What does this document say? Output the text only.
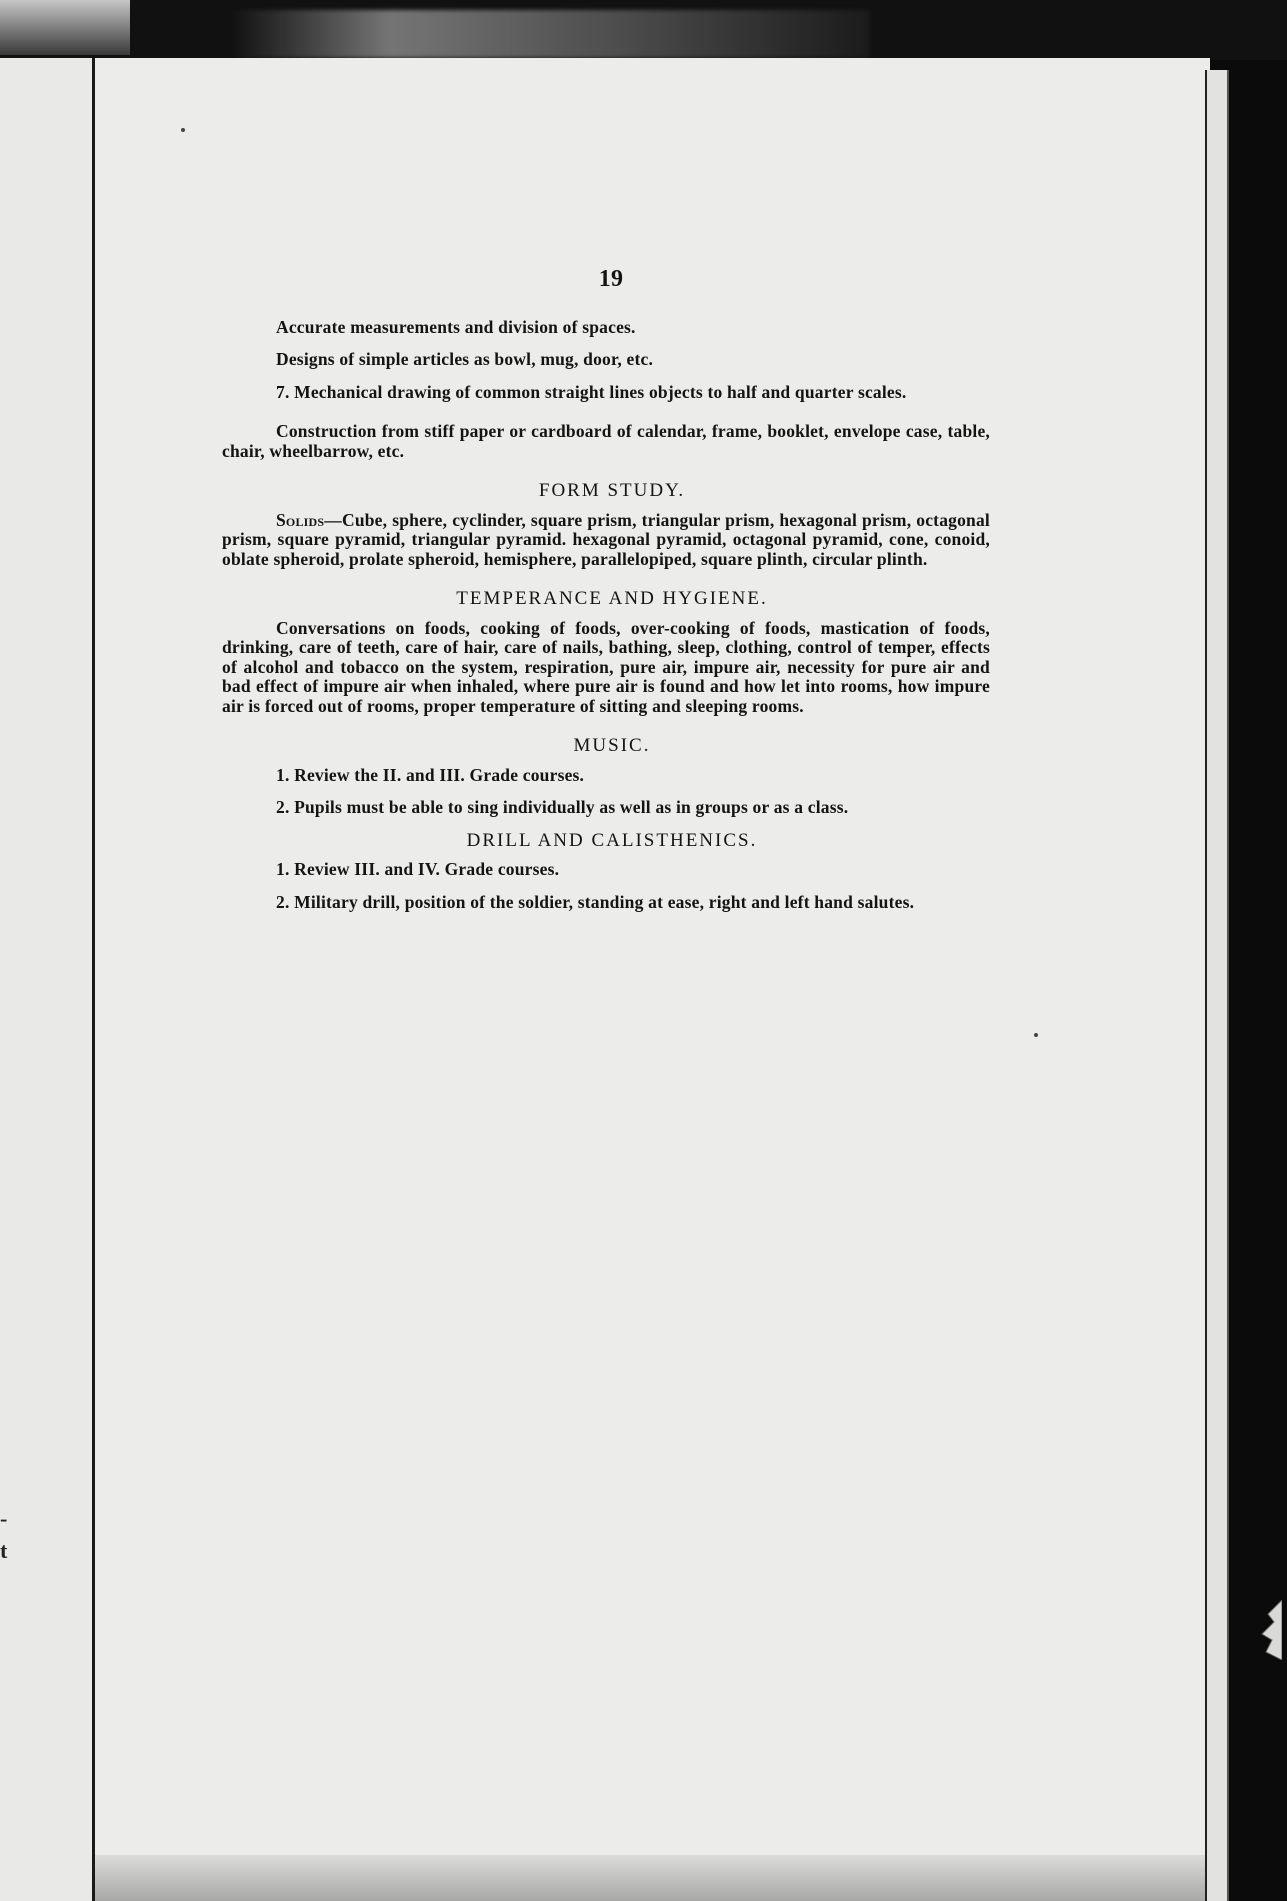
-
t
19

Accurate measurements and division of spaces.

Designs of simple articles as bowl, mug, door, etc.

7. Mechanical drawing of common straight lines objects to half and quarter scales.

Construction from stiff paper or cardboard of calendar, frame, booklet, envelope case, table, chair, wheelbarrow, etc.

FORM STUDY.

Solids—Cube, sphere, cyclinder, square prism, triangular prism, hexagonal prism, octagonal prism, square pyramid, triangular pyramid. hexagonal pyramid, octagonal pyramid, cone, conoid, oblate spheroid, prolate spheroid, hemisphere, parallelopiped, square plinth, circular plinth.

TEMPERANCE AND HYGIENE.

Conversations on foods, cooking of foods, over-cooking of foods, mastication of foods, drinking, care of teeth, care of hair, care of nails, bathing, sleep, clothing, control of temper, effects of alcohol and tobacco on the system, respiration, pure air, impure air, necessity for pure air and bad effect of impure air when inhaled, where pure air is found and how let into rooms, how impure air is forced out of rooms, proper temperature of sitting and sleeping rooms.

MUSIC.

1. Review the II. and III. Grade courses.

2. Pupils must be able to sing individually as well as in groups or as a class.

DRILL AND CALISTHENICS.

1. Review III. and IV. Grade courses.

2. Military drill, position of the soldier, standing at ease, right and left hand salutes.
